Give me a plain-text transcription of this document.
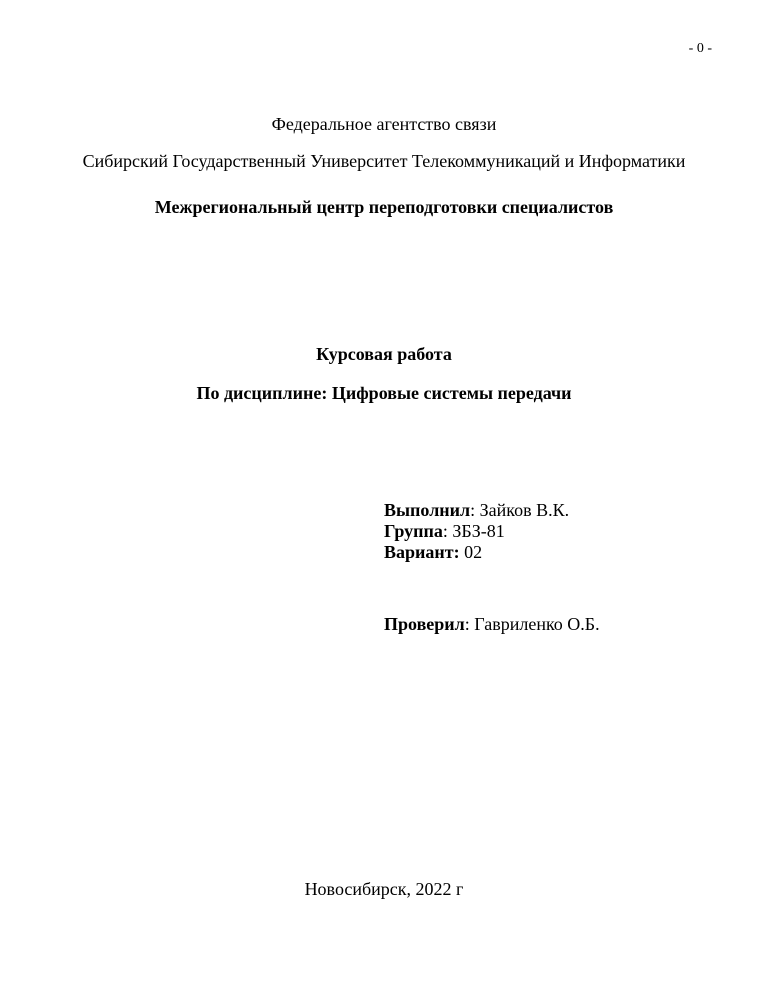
- 0 -
Федеральное агентство связи
Сибирский Государственный Университет Телекоммуникаций и Информатики
Межрегиональный центр переподготовки специалистов
Курсовая работа
По дисциплине: Цифровые системы передачи
Выполнил: Зайков В.К.
Группа: ЗБЗ-81
Вариант: 02
Проверил: Гавриленко О.Б.
Новосибирск, 2022 г
